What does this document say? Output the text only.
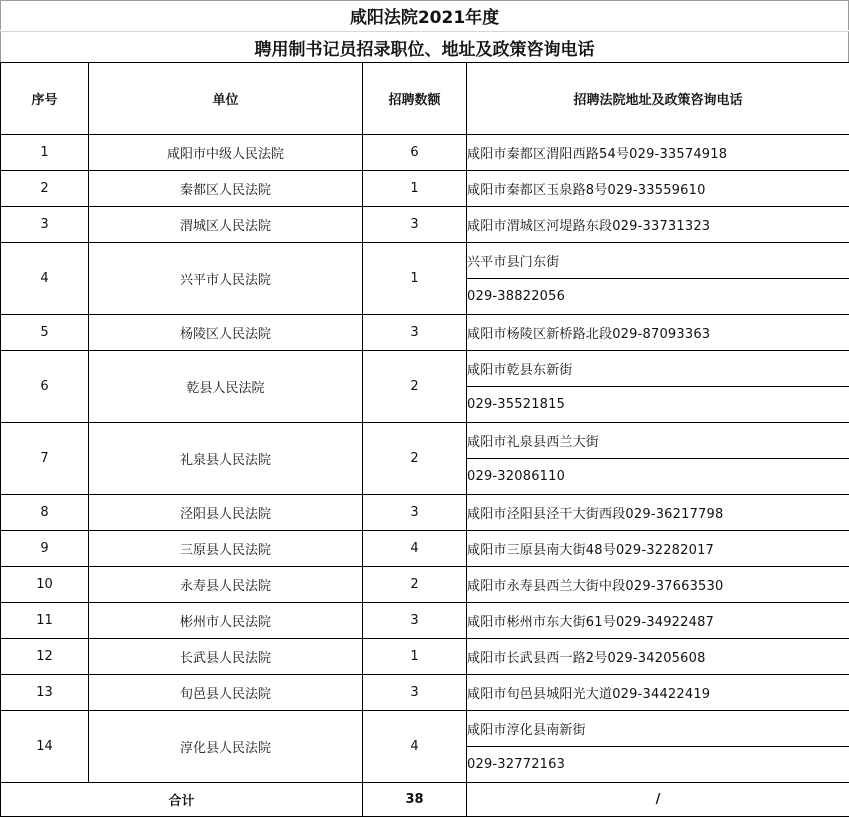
咸阳法院2021年度
聘用制书记员招录职位、地址及政策咨询电话
序号	单位	招聘数额	招聘法院地址及政策咨询电话
1	咸阳市中级人民法院	6	咸阳市秦都区渭阳西路54号029-33574918
2	秦都区人民法院	1	咸阳市秦都区玉泉路8号029-33559610
3	渭城区人民法院	3	咸阳市渭城区河堤路东段029-33731323
4	兴平市人民法院	1	兴平市县门东街
			029-38822056
5	杨陵区人民法院	3	咸阳市杨陵区新桥路北段029-87093363
6	乾县人民法院	2	咸阳市乾县东新街
			029-35521815
7	礼泉县人民法院	2	咸阳市礼泉县西兰大街
			029-32086110
8	泾阳县人民法院	3	咸阳市泾阳县泾干大街西段029-36217798
9	三原县人民法院	4	咸阳市三原县南大街48号029-32282017
10	永寿县人民法院	2	咸阳市永寿县西兰大街中段029-37663530
11	彬州市人民法院	3	咸阳市彬州市东大街61号029-34922487
12	长武县人民法院	1	咸阳市长武县西一路2号029-34205608
13	旬邑县人民法院	3	咸阳市旬邑县城阳光大道029-34422419
14	淳化县人民法院	4	咸阳市淳化县南新街
			029-32772163
合计		38	/
